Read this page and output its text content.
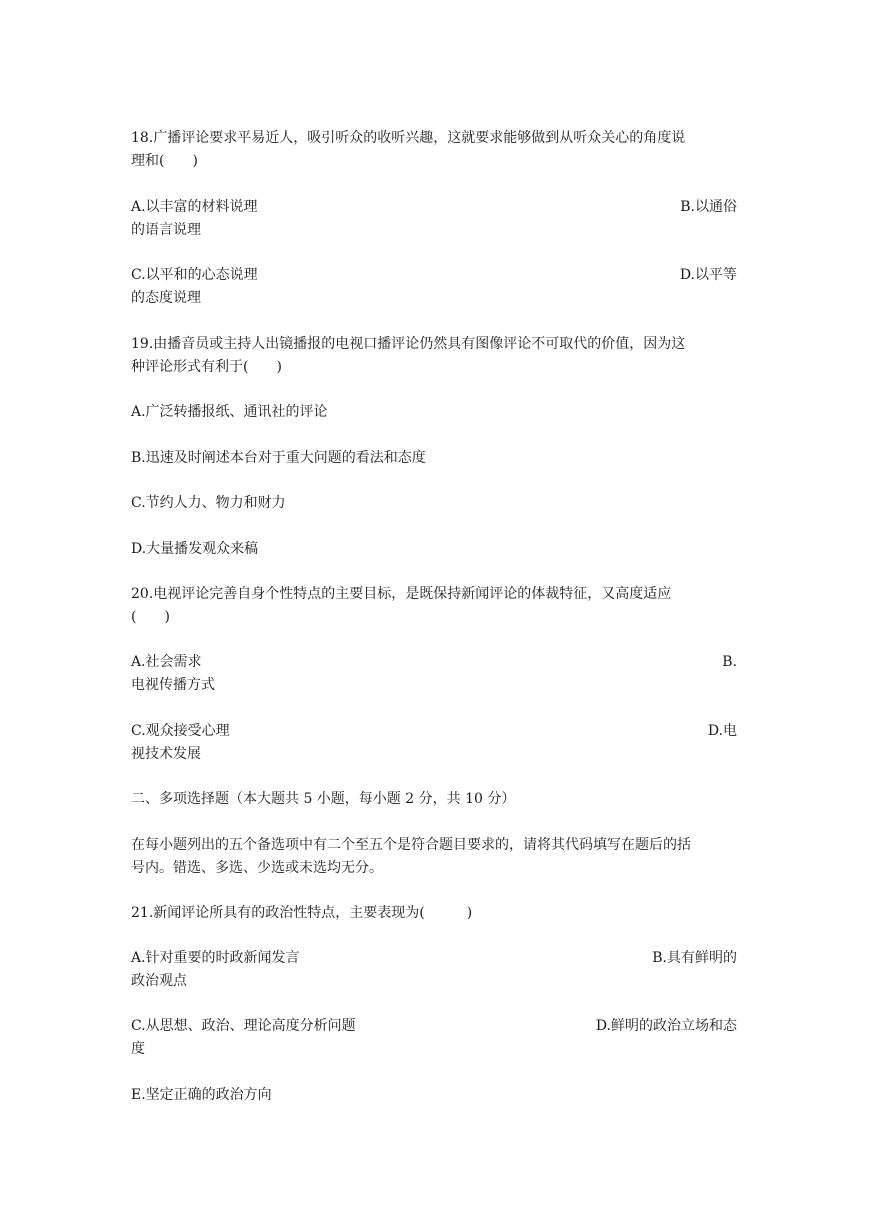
18.广播评论要求平易近人，吸引听众的收听兴趣，这就要求能够做到从听众关心的角度说
理和(　　)
A.以丰富的材料说理	B.以通俗
的语言说理
C.以平和的心态说理	D.以平等
的态度说理
19.由播音员或主持人出镜播报的电视口播评论仍然具有图像评论不可取代的价值，因为这
种评论形式有利于(　　)
A.广泛转播报纸、通讯社的评论
B.迅速及时阐述本台对于重大问题的看法和态度
C.节约人力、物力和财力
D.大量播发观众来稿
20.电视评论完善自身个性特点的主要目标，是既保持新闻评论的体裁特征，又高度适应
(　　)
A.社会需求	B.
电视传播方式
C.观众接受心理	D.电
视技术发展
二、多项选择题（本大题共 5 小题，每小题 2 分，共 10 分）
在每小题列出的五个备选项中有二个至五个是符合题目要求的，请将其代码填写在题后的括
号内。错选、多选、少选或未选均无分。
21.新闻评论所具有的政治性特点，主要表现为(　　　)
A.针对重要的时政新闻发言	B.具有鲜明的
政治观点
C.从思想、政治、理论高度分析问题	D.鲜明的政治立场和态
度
E.坚定正确的政治方向
